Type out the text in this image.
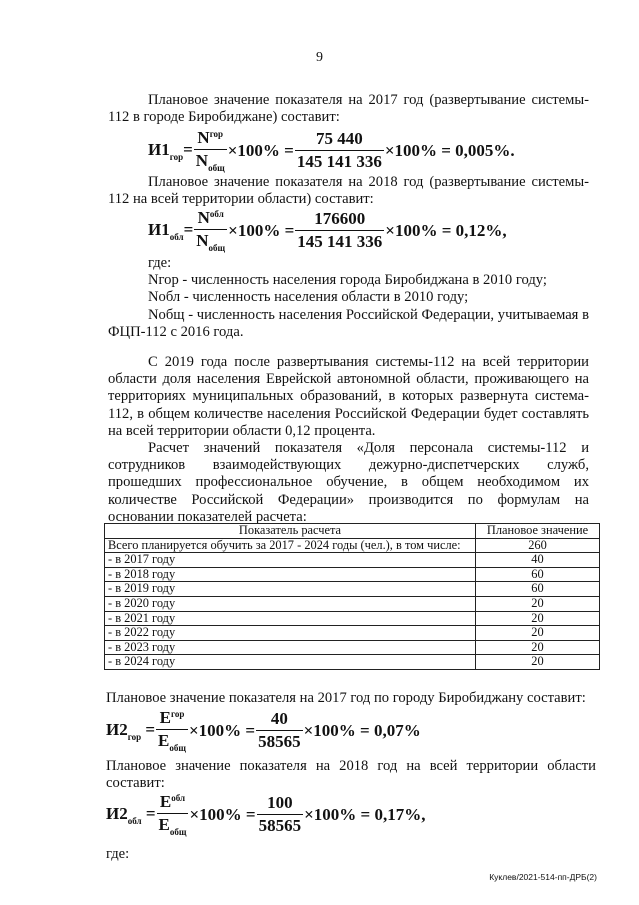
9
Плановое значение показателя на 2017 год (развертывание системы-
112 в городе Биробиджане) составит:
$И1_{гор}= \frac{N^{гор}}{N_{общ}} \times 100\% = \frac{75 440}{145 141 336} \times 100\% = 0,005\%$.
Плановое значение показателя на 2018 год (развертывание системы-
112 на всей территории области) составит:
$И1_{обл}= \frac{N^{обл}}{N_{общ}} \times 100\% = \frac{176600}{145 141 336} \times 100\% = 0,12\%$,
где:
Nгор - численность населения города Биробиджана в 2010 году;
Nобл - численность населения области в 2010 году;
Nобщ - численность населения Российской Федерации, учитываемая в
ФЦП-112 с 2016 года.
С 2019 года после развертывания системы-112 на всей территории
области доля населения Еврейской автономной области, проживающего на
территориях муниципальных образований, в которых развернута система-
112, в общем количестве населения Российской Федерации будет составлять
на всей территории области 0,12 процента.
Расчет значений показателя «Доля персонала системы-112 и
сотрудников взаимодействующих дежурно-диспетчерских служб,
прошедших профессиональное обучение, в общем необходимом их
количестве Российской Федерации» производится по формулам на
основании показателей расчета:
Показатель расчета	Плановое значение
Всего планируется обучить за 2017 - 2024 годы (чел.), в том числе:	260
- в 2017 году	40
- в 2018 году	60
- в 2019 году	60
- в 2020 году	20
- в 2021 году	20
- в 2022 году	20
- в 2023 году	20
- в 2024 году	20
Плановое значение показателя на 2017 год по городу Биробиджану составит:
$И2_{гор} = \frac{E^{гор}}{E_{общ}} \times 100\% = \frac{40}{58565} \times 100\% = 0,07\%$
Плановое значение показателя на 2018 год на всей территории области
составит:
$И2_{обл} = \frac{E^{обл}}{E_{общ}} \times 100\% = \frac{100}{58565} \times 100\% = 0,17\%$,
где:
Куклев/2021-514-пп-ДРБ(2)
